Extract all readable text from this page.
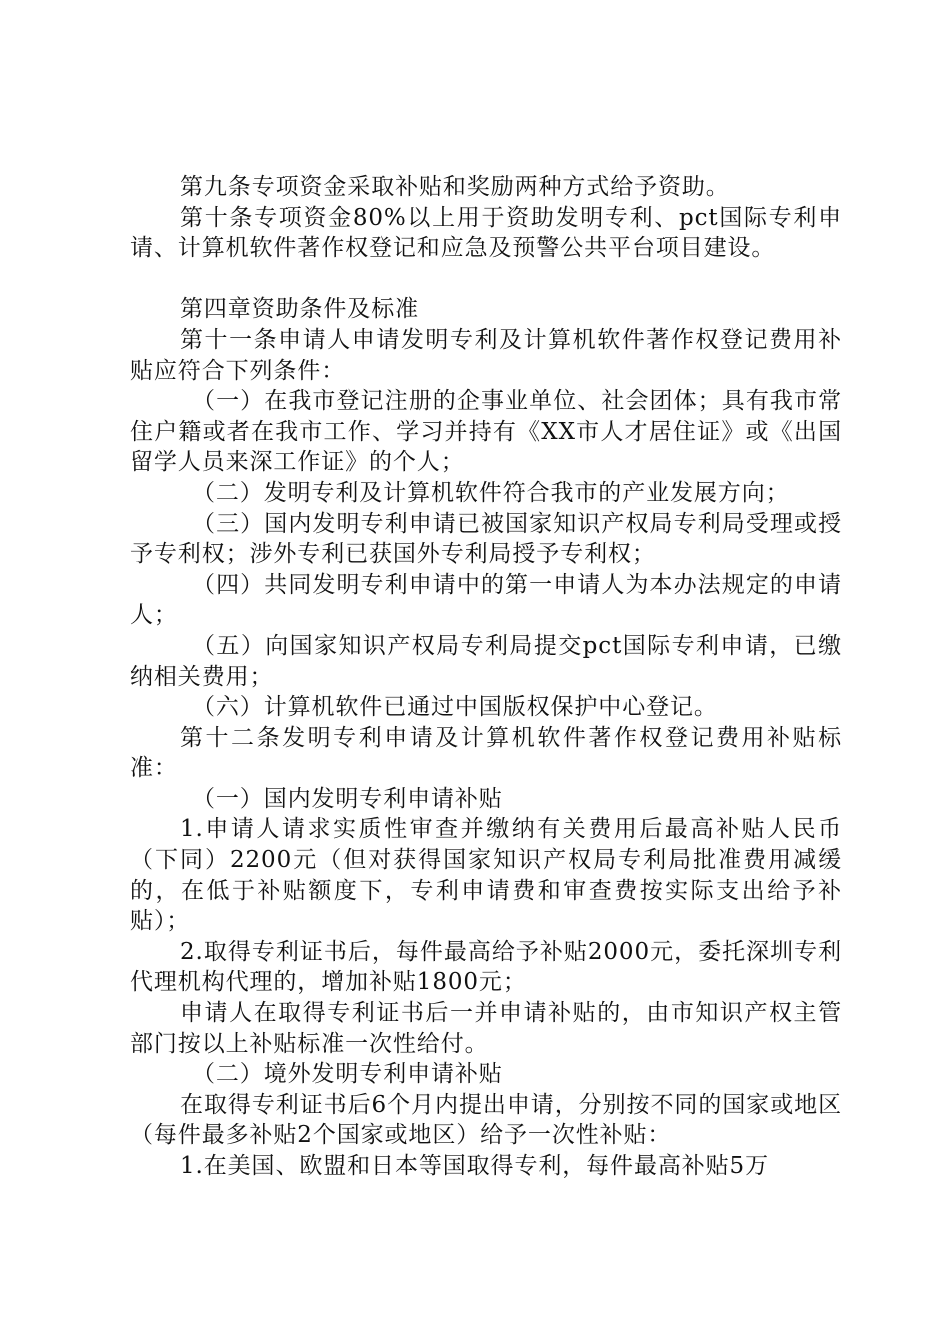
第九条专项资金采取补贴和奖励两种方式给予资助。

第十条专项资金80%以上用于资助发明专利、pct国际专利申请、计算机软件著作权登记和应急及预警公共平台项目建设。

第四章资助条件及标准

第十一条申请人申请发明专利及计算机软件著作权登记费用补贴应符合下列条件：

（一）在我市登记注册的企事业单位、社会团体；具有我市常住户籍或者在我市工作、学习并持有《XX市人才居住证》或《出国留学人员来深工作证》的个人；

（二）发明专利及计算机软件符合我市的产业发展方向；

（三）国内发明专利申请已被国家知识产权局专利局受理或授予专利权；涉外专利已获国外专利局授予专利权；

（四）共同发明专利申请中的第一申请人为本办法规定的申请人；

（五）向国家知识产权局专利局提交pct国际专利申请，已缴纳相关费用；

（六）计算机软件已通过中国版权保护中心登记。

第十二条发明专利申请及计算机软件著作权登记费用补贴标准：

（一）国内发明专利申请补贴

1.申请人请求实质性审查并缴纳有关费用后最高补贴人民币（下同）2200元（但对获得国家知识产权局专利局批准费用减缓的，在低于补贴额度下，专利申请费和审查费按实际支出给予补贴）；

2.取得专利证书后，每件最高给予补贴2000元，委托深圳专利代理机构代理的，增加补贴1800元；

申请人在取得专利证书后一并申请补贴的，由市知识产权主管部门按以上补贴标准一次性给付。

（二）境外发明专利申请补贴

在取得专利证书后6个月内提出申请，分别按不同的国家或地区（每件最多补贴2个国家或地区）给予一次性补贴：

1.在美国、欧盟和日本等国取得专利，每件最高补贴5万
